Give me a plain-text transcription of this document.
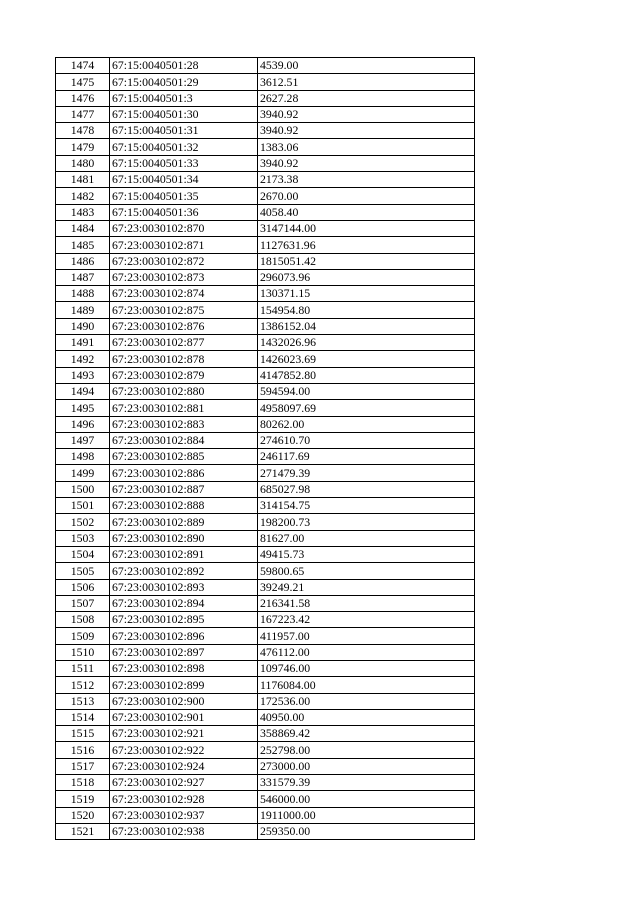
1474	67:15:0040501:28	4539.00
1475	67:15:0040501:29	3612.51
1476	67:15:0040501:3	2627.28
1477	67:15:0040501:30	3940.92
1478	67:15:0040501:31	3940.92
1479	67:15:0040501:32	1383.06
1480	67:15:0040501:33	3940.92
1481	67:15:0040501:34	2173.38
1482	67:15:0040501:35	2670.00
1483	67:15:0040501:36	4058.40
1484	67:23:0030102:870	3147144.00
1485	67:23:0030102:871	1127631.96
1486	67:23:0030102:872	1815051.42
1487	67:23:0030102:873	296073.96
1488	67:23:0030102:874	130371.15
1489	67:23:0030102:875	154954.80
1490	67:23:0030102:876	1386152.04
1491	67:23:0030102:877	1432026.96
1492	67:23:0030102:878	1426023.69
1493	67:23:0030102:879	4147852.80
1494	67:23:0030102:880	594594.00
1495	67:23:0030102:881	4958097.69
1496	67:23:0030102:883	80262.00
1497	67:23:0030102:884	274610.70
1498	67:23:0030102:885	246117.69
1499	67:23:0030102:886	271479.39
1500	67:23:0030102:887	685027.98
1501	67:23:0030102:888	314154.75
1502	67:23:0030102:889	198200.73
1503	67:23:0030102:890	81627.00
1504	67:23:0030102:891	49415.73
1505	67:23:0030102:892	59800.65
1506	67:23:0030102:893	39249.21
1507	67:23:0030102:894	216341.58
1508	67:23:0030102:895	167223.42
1509	67:23:0030102:896	411957.00
1510	67:23:0030102:897	476112.00
1511	67:23:0030102:898	109746.00
1512	67:23:0030102:899	1176084.00
1513	67:23:0030102:900	172536.00
1514	67:23:0030102:901	40950.00
1515	67:23:0030102:921	358869.42
1516	67:23:0030102:922	252798.00
1517	67:23:0030102:924	273000.00
1518	67:23:0030102:927	331579.39
1519	67:23:0030102:928	546000.00
1520	67:23:0030102:937	1911000.00
1521	67:23:0030102:938	259350.00
